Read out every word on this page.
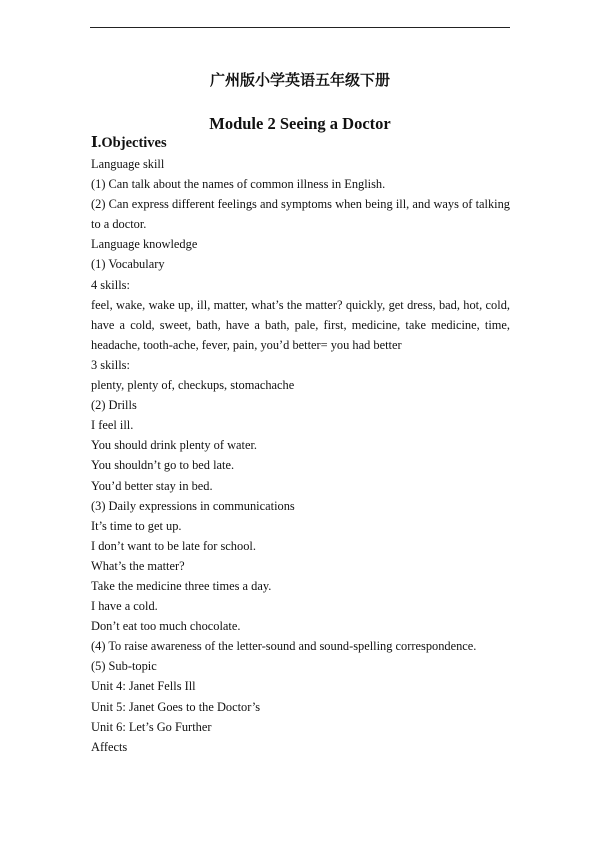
广州版小学英语五年级下册
Module 2 Seeing a Doctor
Ⅰ.Objectives
Language skill
(1) Can talk about the names of common illness in English.
(2) Can express different feelings and symptoms when being ill, and ways of talking
to a doctor.
Language knowledge
(1) Vocabulary
4 skills:
feel, wake, wake up, ill, matter, what’s the matter? quickly, get dress, bad, hot, cold,
have a cold, sweet, bath, have a bath, pale, first, medicine, take medicine, time,
headache, tooth-ache, fever, pain, you’d better= you had better
3 skills:
plenty, plenty of, checkups, stomachache
(2) Drills
I feel ill.
You should drink plenty of water.
You shouldn’t go to bed late.
You’d better stay in bed.
(3) Daily expressions in communications
It’s time to get up.
I don’t want to be late for school.
What’s the matter?
Take the medicine three times a day.
I have a cold.
Don’t eat too much chocolate.
(4) To raise awareness of the letter-sound and sound-spelling correspondence.
(5) Sub-topic
Unit 4: Janet Fells Ill
Unit 5: Janet Goes to the Doctor’s
Unit 6: Let’s Go Further
Affects
